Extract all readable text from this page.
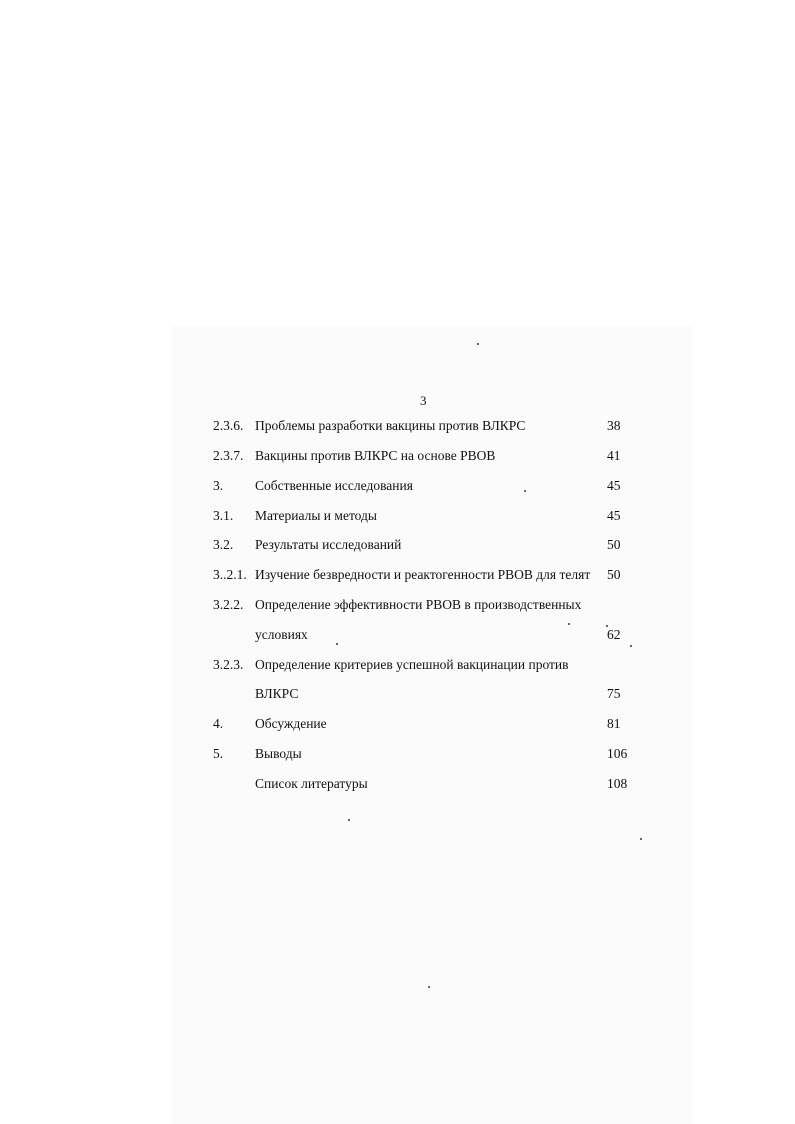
3
2.3.6. Проблемы разработки вакцины против ВЛКРС	38
2.3.7. Вакцины против ВЛКРС на основе РВОВ	41
3. Собственные исследования	45
3.1. Материалы и методы	45
3.2. Результаты исследований	50
3..2.1. Изучение безвредности и реактогенности РВОВ для телят 50
3.2.2. Определение эффективности РВОВ в производственных
условиях	62
3.2.3. Определение критериев успешной вакцинации против
ВЛКРС	75
4. Обсуждение	81
5. Выводы	106
Список литературы	108
